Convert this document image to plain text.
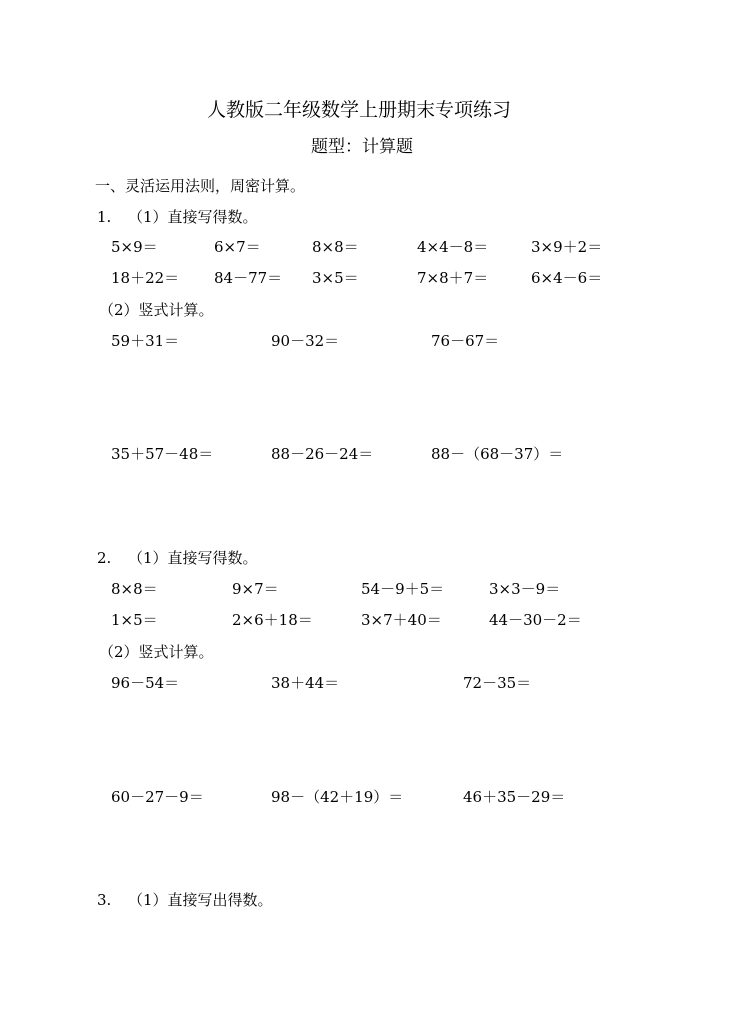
人教版二年级数学上册期末专项练习
题型：计算题
一、灵活运用法则，周密计算。
1. （1）直接写得数。
5×9＝	6×7＝	8×8＝	4×4－8＝	3×9＋2＝
18＋22＝ 84－77＝ 3×5＝	7×8＋7＝	6×4－6＝
（2）竖式计算。
59＋31＝	90－32＝	76－67＝
35＋57－48＝	88－26－24＝	88－（68－37）＝
2. （1）直接写得数。
8×8＝	9×7＝	54－9＋5＝	3×3－9＝
1×5＝	2×6＋18＝	3×7＋40＝	44－30－2＝
（2）竖式计算。
96－54＝	38＋44＝	72－35＝
60－27－9＝	98－（42＋19）＝	46＋35－29＝
3. （1）直接写出得数。
